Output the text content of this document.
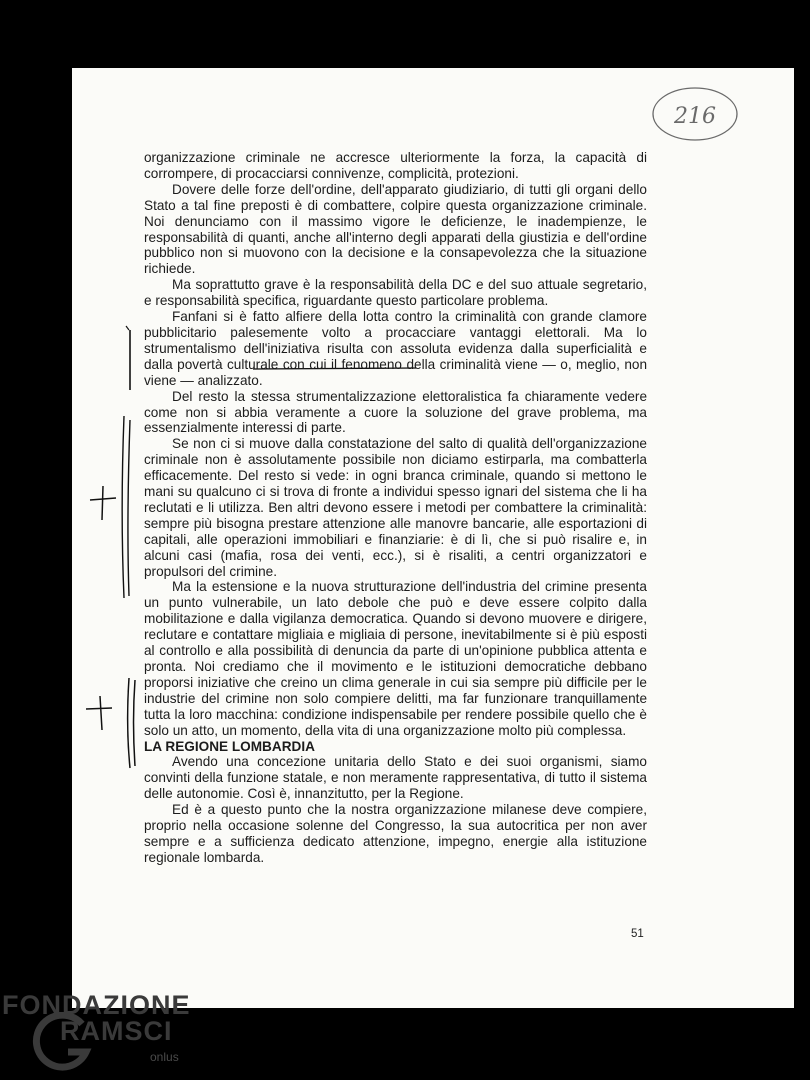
216

organizzazione criminale ne accresce ulteriormente la forza, la capacità di corrompere, di procacciarsi connivenze, complicità, protezioni.

Dovere delle forze dell'ordine, dell'apparato giudiziario, di tutti gli organi dello Stato a tal fine preposti è di combattere, colpire questa organizzazione criminale. Noi denunciamo con il massimo vigore le deficienze, le inadempienze, le responsabilità di quanti, anche all'interno degli apparati della giustizia e dell'ordine pubblico non si muovono con la decisione e la consapevolezza che la situazione richiede.

Ma soprattutto grave è la responsabilità della DC e del suo attuale segretario, e responsabilità specifica, riguardante questo particolare problema.

Fanfani si è fatto alfiere della lotta contro la criminalità con grande clamore pubblicitario palesemente volto a procacciare vantaggi elettorali. Ma lo strumentalismo dell'iniziativa risulta con assoluta evidenza dalla superficialità e dalla povertà culturale con cui il fenomeno della criminalità viene — o, meglio, non viene — analizzato.

Del resto la stessa strumentalizzazione elettoralistica fa chiaramente vedere come non si abbia veramente a cuore la soluzione del grave problema, ma essenzialmente interessi di parte.

Se non ci si muove dalla constatazione del salto di qualità dell'organizzazione criminale non è assolutamente possibile non diciamo estirparla, ma combatterla efficacemente. Del resto si vede: in ogni branca criminale, quando si mettono le mani su qualcuno ci si trova di fronte a individui spesso ignari del sistema che li ha reclutati e li utilizza. Ben altri devono essere i metodi per combattere la criminalità: sempre più bisogna prestare attenzione alle manovre bancarie, alle esportazioni di capitali, alle operazioni immobiliari e finanziarie: è di lì, che si può risalire e, in alcuni casi (mafia, rosa dei venti, ecc.), si è risaliti, a centri organizzatori e propulsori del crimine.

Ma la estensione e la nuova strutturazione dell'industria del crimine presenta un punto vulnerabile, un lato debole che può e deve essere colpito dalla mobilitazione e dalla vigilanza democratica. Quando si devono muovere e dirigere, reclutare e contattare migliaia e migliaia di persone, inevitabilmente si è più esposti al controllo e alla possibilità di denuncia da parte di un'opinione pubblica attenta e pronta. Noi crediamo che il movimento e le istituzioni democratiche debbano proporsi iniziative che creino un clima generale in cui sia sempre più difficile per le industrie del crimine non solo compiere delitti, ma far funzionare tranquillamente tutta la loro macchina: condizione indispensabile per rendere possibile quello che è solo un atto, un momento, della vita di una organizzazione molto più complessa.

LA REGIONE LOMBARDIA

Avendo una concezione unitaria dello Stato e dei suoi organismi, siamo convinti della funzione statale, e non meramente rappresentativa, di tutto il sistema delle autonomie. Così è, innanzitutto, per la Regione.

Ed è a questo punto che la nostra organizzazione milanese deve compiere, proprio nella occasione solenne del Congresso, la sua autocritica per non aver sempre e a sufficienza dedicato attenzione, impegno, energie alla istituzione regionale lombarda.

51
FONDAZIONE
RAMSCI
onlus
